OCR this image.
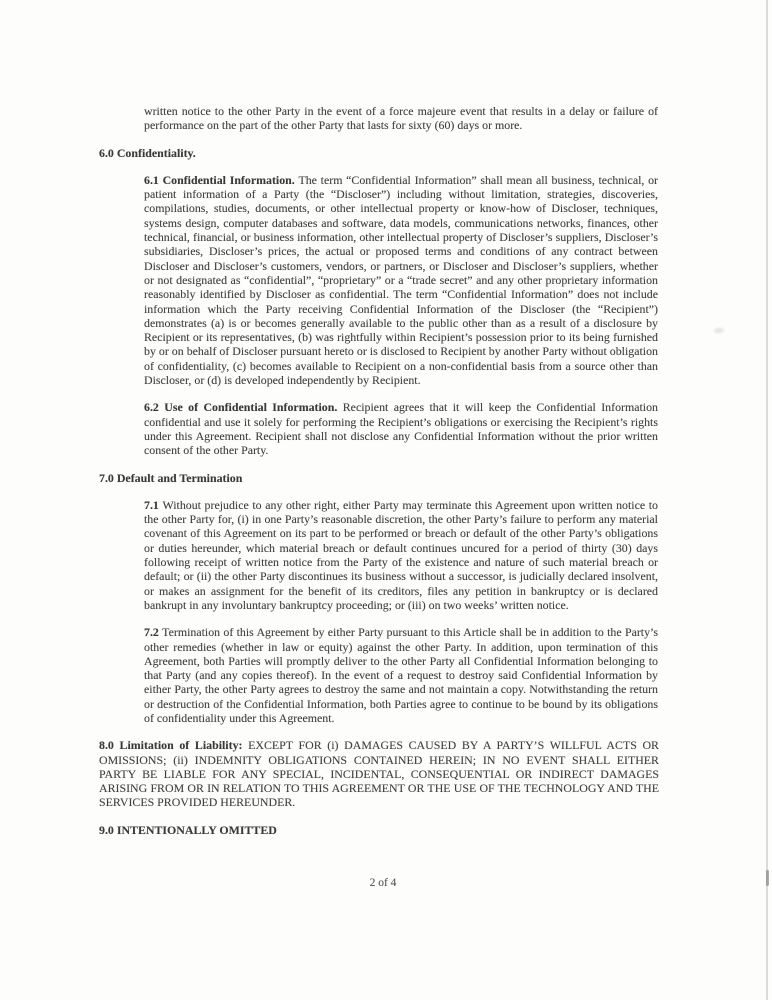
written notice to the other Party in the event of a force majeure event that results in a delay or failure of performance on the part of the other Party that lasts for sixty (60) days or more.

6.0 Confidentiality.

6.1 Confidential Information. The term “Confidential Information” shall mean all business, technical, or patient information of a Party (the “Discloser”) including without limitation, strategies, discoveries, compilations, studies, documents, or other intellectual property or know-how of Discloser, techniques, systems design, computer databases and software, data models, communications networks, finances, other technical, financial, or business information, other intellectual property of Discloser’s suppliers, Discloser’s subsidiaries, Discloser’s prices, the actual or proposed terms and conditions of any contract between Discloser and Discloser’s customers, vendors, or partners, or Discloser and Discloser’s suppliers, whether or not designated as “confidential”, “proprietary” or a “trade secret” and any other proprietary information reasonably identified by Discloser as confidential. The term “Confidential Information” does not include information which the Party receiving Confidential Information of the Discloser (the “Recipient”) demonstrates (a) is or becomes generally available to the public other than as a result of a disclosure by Recipient or its representatives, (b) was rightfully within Recipient’s possession prior to its being furnished by or on behalf of Discloser pursuant hereto or is disclosed to Recipient by another Party without obligation of confidentiality, (c) becomes available to Recipient on a non-confidential basis from a source other than Discloser, or (d) is developed independently by Recipient.

6.2 Use of Confidential Information. Recipient agrees that it will keep the Confidential Information confidential and use it solely for performing the Recipient’s obligations or exercising the Recipient’s rights under this Agreement. Recipient shall not disclose any Confidential Information without the prior written consent of the other Party.

7.0 Default and Termination

7.1 Without prejudice to any other right, either Party may terminate this Agreement upon written notice to the other Party for, (i) in one Party’s reasonable discretion, the other Party’s failure to perform any material covenant of this Agreement on its part to be performed or breach or default of the other Party’s obligations or duties hereunder, which material breach or default continues uncured for a period of thirty (30) days following receipt of written notice from the Party of the existence and nature of such material breach or default; or (ii) the other Party discontinues its business without a successor, is judicially declared insolvent, or makes an assignment for the benefit of its creditors, files any petition in bankruptcy or is declared bankrupt in any involuntary bankruptcy proceeding; or (iii) on two weeks’ written notice.

7.2 Termination of this Agreement by either Party pursuant to this Article shall be in addition to the Party’s other remedies (whether in law or equity) against the other Party. In addition, upon termination of this Agreement, both Parties will promptly deliver to the other Party all Confidential Information belonging to that Party (and any copies thereof). In the event of a request to destroy said Confidential Information by either Party, the other Party agrees to destroy the same and not maintain a copy. Notwithstanding the return or destruction of the Confidential Information, both Parties agree to continue to be bound by its obligations of confidentiality under this Agreement.

8.0 Limitation of Liability: EXCEPT FOR (i) DAMAGES CAUSED BY A PARTY’S WILLFUL ACTS OR OMISSIONS; (ii) INDEMNITY OBLIGATIONS CONTAINED HEREIN; IN NO EVENT SHALL EITHER PARTY BE LIABLE FOR ANY SPECIAL, INCIDENTAL, CONSEQUENTIAL OR INDIRECT DAMAGES ARISING FROM OR IN RELATION TO THIS AGREEMENT OR THE USE OF THE TECHNOLOGY AND THE SERVICES PROVIDED HEREUNDER.

9.0 INTENTIONALLY OMITTED

2 of 4
